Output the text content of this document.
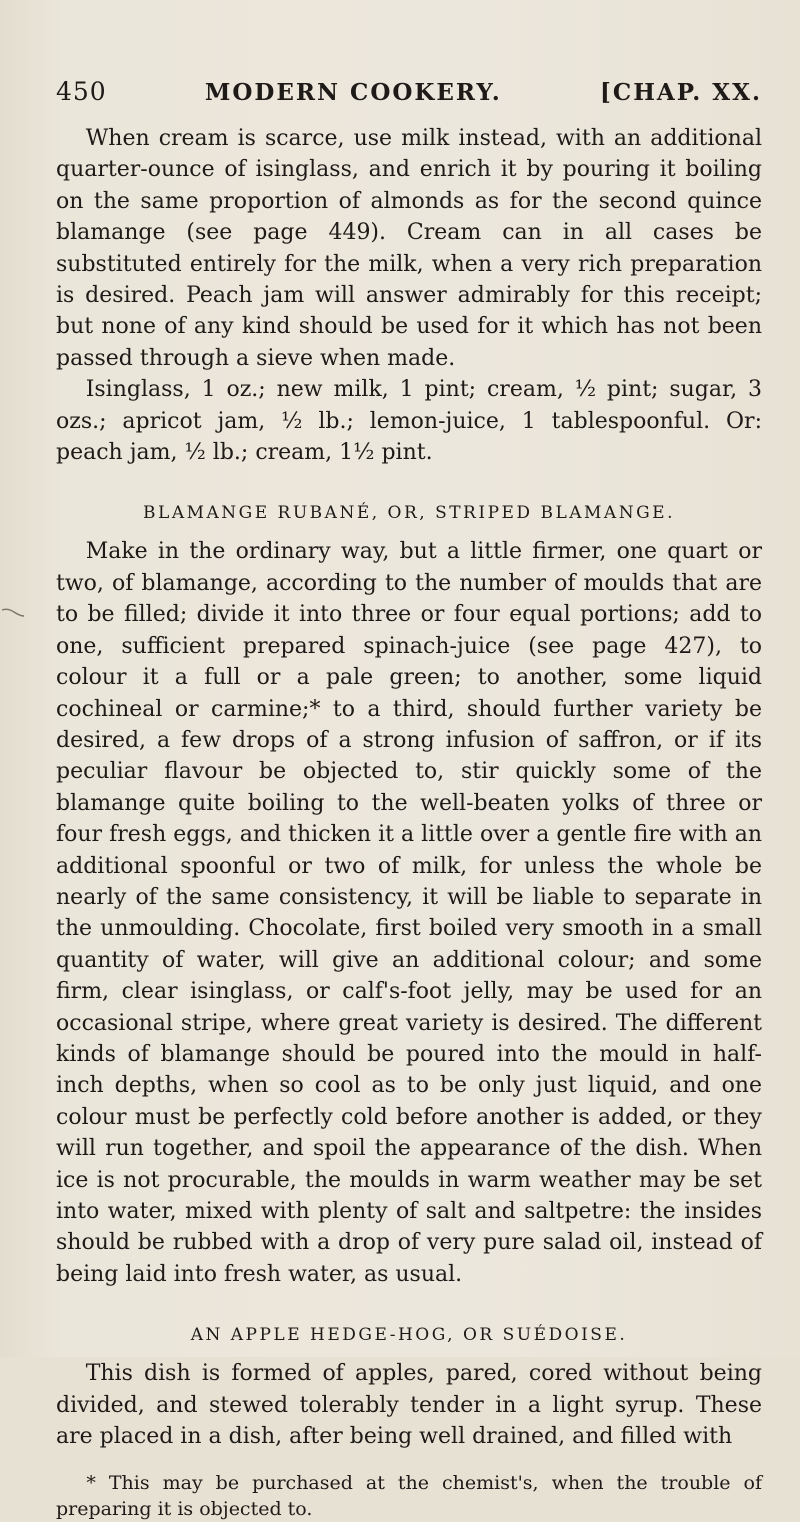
450	MODERN COOKERY.	[CHAP. XX.

When cream is scarce, use milk instead, with an additional quarter-ounce of isinglass, and enrich it by pouring it boiling on the same proportion of almonds as for the second quince blamange (see page 449). Cream can in all cases be substituted entirely for the milk, when a very rich preparation is desired. Peach jam will answer admirably for this receipt; but none of any kind should be used for it which has not been passed through a sieve when made.

Isinglass, 1 oz.; new milk, 1 pint; cream, ½ pint; sugar, 3 ozs.; apricot jam, ½ lb.; lemon-juice, 1 tablespoonful. Or: peach jam, ½ lb.; cream, 1½ pint.

BLAMANGE RUBANÉ, OR, STRIPED BLAMANGE.

Make in the ordinary way, but a little firmer, one quart or two, of blamange, according to the number of moulds that are to be filled; divide it into three or four equal portions; add to one, sufficient prepared spinach-juice (see page 427), to colour it a full or a pale green; to another, some liquid cochineal or carmine;* to a third, should further variety be desired, a few drops of a strong infusion of saffron, or if its peculiar flavour be objected to, stir quickly some of the blamange quite boiling to the well-beaten yolks of three or four fresh eggs, and thicken it a little over a gentle fire with an additional spoonful or two of milk, for unless the whole be nearly of the same consistency, it will be liable to separate in the unmoulding. Chocolate, first boiled very smooth in a small quantity of water, will give an additional colour; and some firm, clear isinglass, or calf's-foot jelly, may be used for an occasional stripe, where great variety is desired. The different kinds of blamange should be poured into the mould in half-inch depths, when so cool as to be only just liquid, and one colour must be perfectly cold before another is added, or they will run together, and spoil the appearance of the dish. When ice is not procurable, the moulds in warm weather may be set into water, mixed with plenty of salt and saltpetre: the insides should be rubbed with a drop of very pure salad oil, instead of being laid into fresh water, as usual.

AN APPLE HEDGE-HOG, OR SUÉDOISE.

This dish is formed of apples, pared, cored without being divided, and stewed tolerably tender in a light syrup. These are placed in a dish, after being well drained, and filled with

* This may be purchased at the chemist's, when the trouble of preparing it is objected to.
